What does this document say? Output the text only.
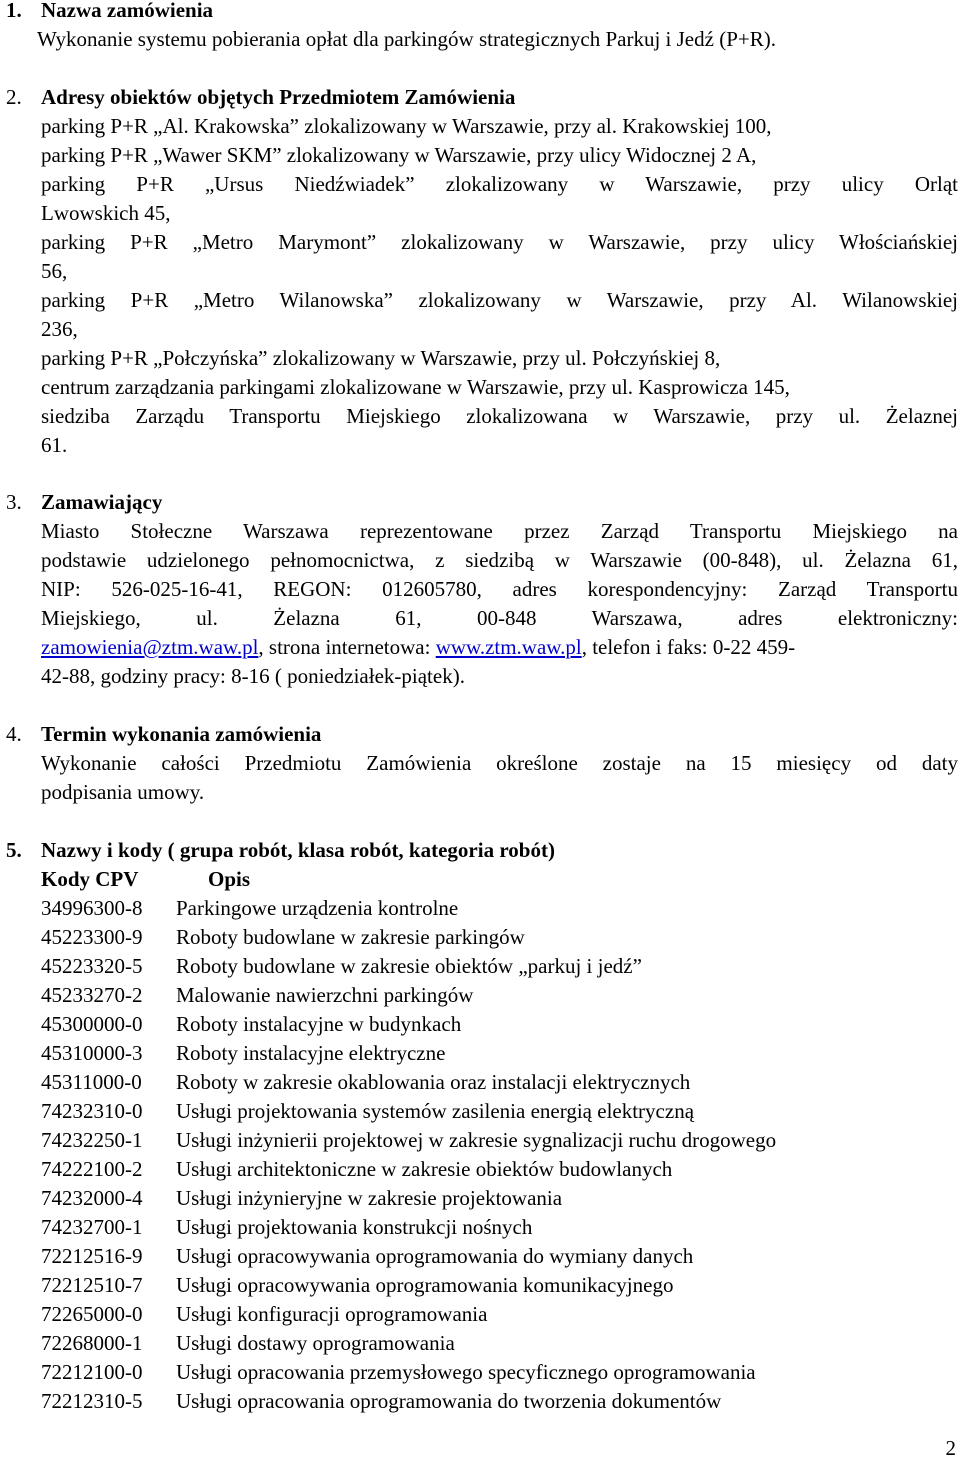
1. Nazwa zamówienia
Wykonanie systemu pobierania opłat dla parkingów strategicznych Parkuj i Jedź (P+R).
2. Adresy obiektów objętych Przedmiotem Zamówienia
parking P+R „Al. Krakowska” zlokalizowany w Warszawie, przy al. Krakowskiej 100,
parking P+R „Wawer SKM” zlokalizowany w Warszawie, przy ulicy Widocznej 2 A,
parking P+R „Ursus Niedźwiadek” zlokalizowany w Warszawie, przy ulicy Orląt
Lwowskich 45,
parking P+R „Metro Marymont” zlokalizowany w Warszawie, przy ulicy Włościańskiej
56,
parking P+R „Metro Wilanowska” zlokalizowany w Warszawie, przy Al. Wilanowskiej
236,
parking P+R „Połczyńska” zlokalizowany w Warszawie, przy ul. Połczyńskiej 8,
centrum zarządzania parkingami zlokalizowane w Warszawie, przy ul. Kasprowicza 145,
siedziba Zarządu Transportu Miejskiego zlokalizowana w Warszawie, przy ul. Żelaznej
61.
3. Zamawiający
Miasto Stołeczne Warszawa reprezentowane przez Zarząd Transportu Miejskiego na
podstawie udzielonego pełnomocnictwa, z siedzibą w Warszawie (00-848), ul. Żelazna 61,
NIP: 526-025-16-41, REGON: 012605780, adres korespondencyjny: Zarząd Transportu
Miejskiego, ul. Żelazna 61, 00-848 Warszawa, adres elektroniczny:
zamowienia@ztm.waw.pl, strona internetowa: www.ztm.waw.pl, telefon i faks: 0-22 459-
42-88, godziny pracy: 8-16 ( poniedziałek-piątek).
4. Termin wykonania zamówienia
Wykonanie całości Przedmiotu Zamówienia określone zostaje na 15 miesięcy od daty
podpisania umowy.
5. Nazwy i kody ( grupa robót, klasa robót, kategoria robót)
Kody CPV	Opis
34996300-8 Parkingowe urządzenia kontrolne
45223300-9 Roboty budowlane w zakresie parkingów
45223320-5 Roboty budowlane w zakresie obiektów „parkuj i jedź”
45233270-2 Malowanie nawierzchni parkingów
45300000-0 Roboty instalacyjne w budynkach
45310000-3 Roboty instalacyjne elektryczne
45311000-0 Roboty w zakresie okablowania oraz instalacji elektrycznych
74232310-0 Usługi projektowania systemów zasilenia energią elektryczną
74232250-1 Usługi inżynierii projektowej w zakresie sygnalizacji ruchu drogowego
74222100-2 Usługi architektoniczne w zakresie obiektów budowlanych
74232000-4 Usługi inżynieryjne w zakresie projektowania
74232700-1 Usługi projektowania konstrukcji nośnych
72212516-9 Usługi opracowywania oprogramowania do wymiany danych
72212510-7 Usługi opracowywania oprogramowania komunikacyjnego
72265000-0 Usługi konfiguracji oprogramowania
72268000-1 Usługi dostawy oprogramowania
72212100-0 Usługi opracowania przemysłowego specyficznego oprogramowania
72212310-5 Usługi opracowania oprogramowania do tworzenia dokumentów
2
